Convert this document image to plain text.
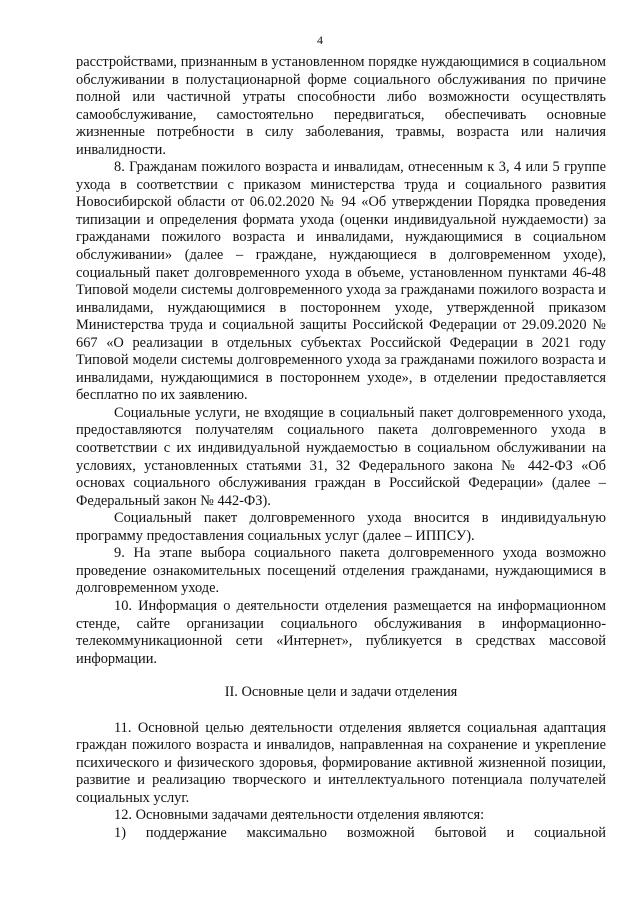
4

расстройствами, признанным в установленном порядке нуждающимися в социальном обслуживании в полустационарной форме социального обслуживания по причине полной или частичной утраты способности либо возможности осуществлять самообслуживание, самостоятельно передвигаться, обеспечивать основные жизненные потребности в силу заболевания, травмы, возраста или наличия инвалидности.

8. Гражданам пожилого возраста и инвалидам, отнесенным к 3, 4 или 5 группе ухода в соответствии с приказом министерства труда и социального развития Новосибирской области от 06.02.2020 № 94 «Об утверждении Порядка проведения типизации и определения формата ухода (оценки индивидуальной нуждаемости) за гражданами пожилого возраста и инвалидами, нуждающимися в социальном обслуживании» (далее – граждане, нуждающиеся в долговременном уходе), социальный пакет долговременного ухода в объеме, установленном пунктами 46-48 Типовой модели системы долговременного ухода за гражданами пожилого возраста и инвалидами, нуждающимися в постороннем уходе, утвержденной приказом Министерства труда и социальной защиты Российской Федерации от 29.09.2020 № 667 «О реализации в отдельных субъектах Российской Федерации в 2021 году Типовой модели системы долговременного ухода за гражданами пожилого возраста и инвалидами, нуждающимися в постороннем уходе», в отделении предоставляется бесплатно по их заявлению.

Социальные услуги, не входящие в социальный пакет долговременного ухода, предоставляются получателям социального пакета долговременного ухода в соответствии с их индивидуальной нуждаемостью в социальном обслуживании на условиях, установленных статьями 31, 32 Федерального закона № 442-ФЗ «Об основах социального обслуживания граждан в Российской Федерации» (далее – Федеральный закон № 442-ФЗ).

Социальный пакет долговременного ухода вносится в индивидуальную программу предоставления социальных услуг (далее – ИППСУ).

9. На этапе выбора социального пакета долговременного ухода возможно проведение ознакомительных посещений отделения гражданами, нуждающимися в долговременном уходе.

10. Информация о деятельности отделения размещается на информационном стенде, сайте организации социального обслуживания в информационно-телекоммуникационной сети «Интернет», публикуется в средствах массовой информации.

II. Основные цели и задачи отделения

11. Основной целью деятельности отделения является социальная адаптация граждан пожилого возраста и инвалидов, направленная на сохранение и укрепление психического и физического здоровья, формирование активной жизненной позиции, развитие и реализацию творческого и интеллектуального потенциала получателей социальных услуг.

12. Основными задачами деятельности отделения являются:

1) поддержание максимально возможной бытовой и социальной
